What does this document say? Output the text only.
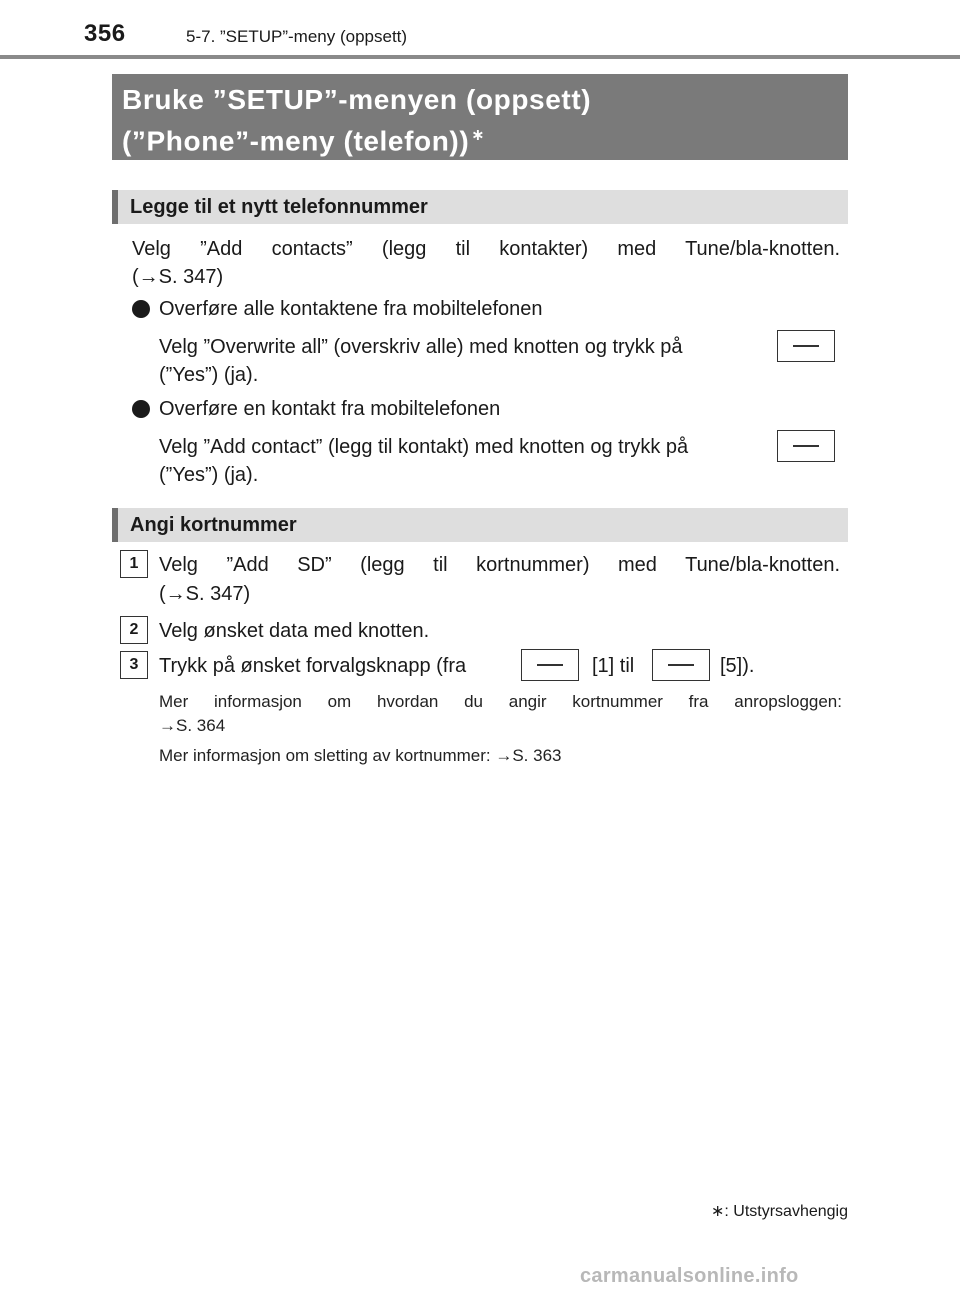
356	5-7. ”SETUP”-meny (oppsett)
Bruke ”SETUP”-menyen (oppsett)
(”Phone”-meny (telefon)) ∗
Legge til et nytt telefonnummer
Velg ”Add contacts” (legg til kontakter) med Tune/bla-knotten.
(→S. 347)
Overføre alle kontaktene fra mobiltelefonen
Velg ”Overwrite all” (overskriv alle) med knotten og trykk på
(”Yes”) (ja).
Overføre en kontakt fra mobiltelefonen
Velg ”Add contact” (legg til kontakt) med knotten og trykk på
(”Yes”) (ja).
Angi kortnummer
1	Velg ”Add SD” (legg til kortnummer) med Tune/bla-knotten.
(→S. 347)
2	Velg ønsket data med knotten.
3	Trykk på ønsket forvalgsknapp (fra	[1] til	[5]).
Mer informasjon om hvordan du angir kortnummer fra anropsloggen:
→S. 364
Mer informasjon om sletting av kortnummer: →S. 363
∗: Utstyrsavhengig
carmanualsonline.info
